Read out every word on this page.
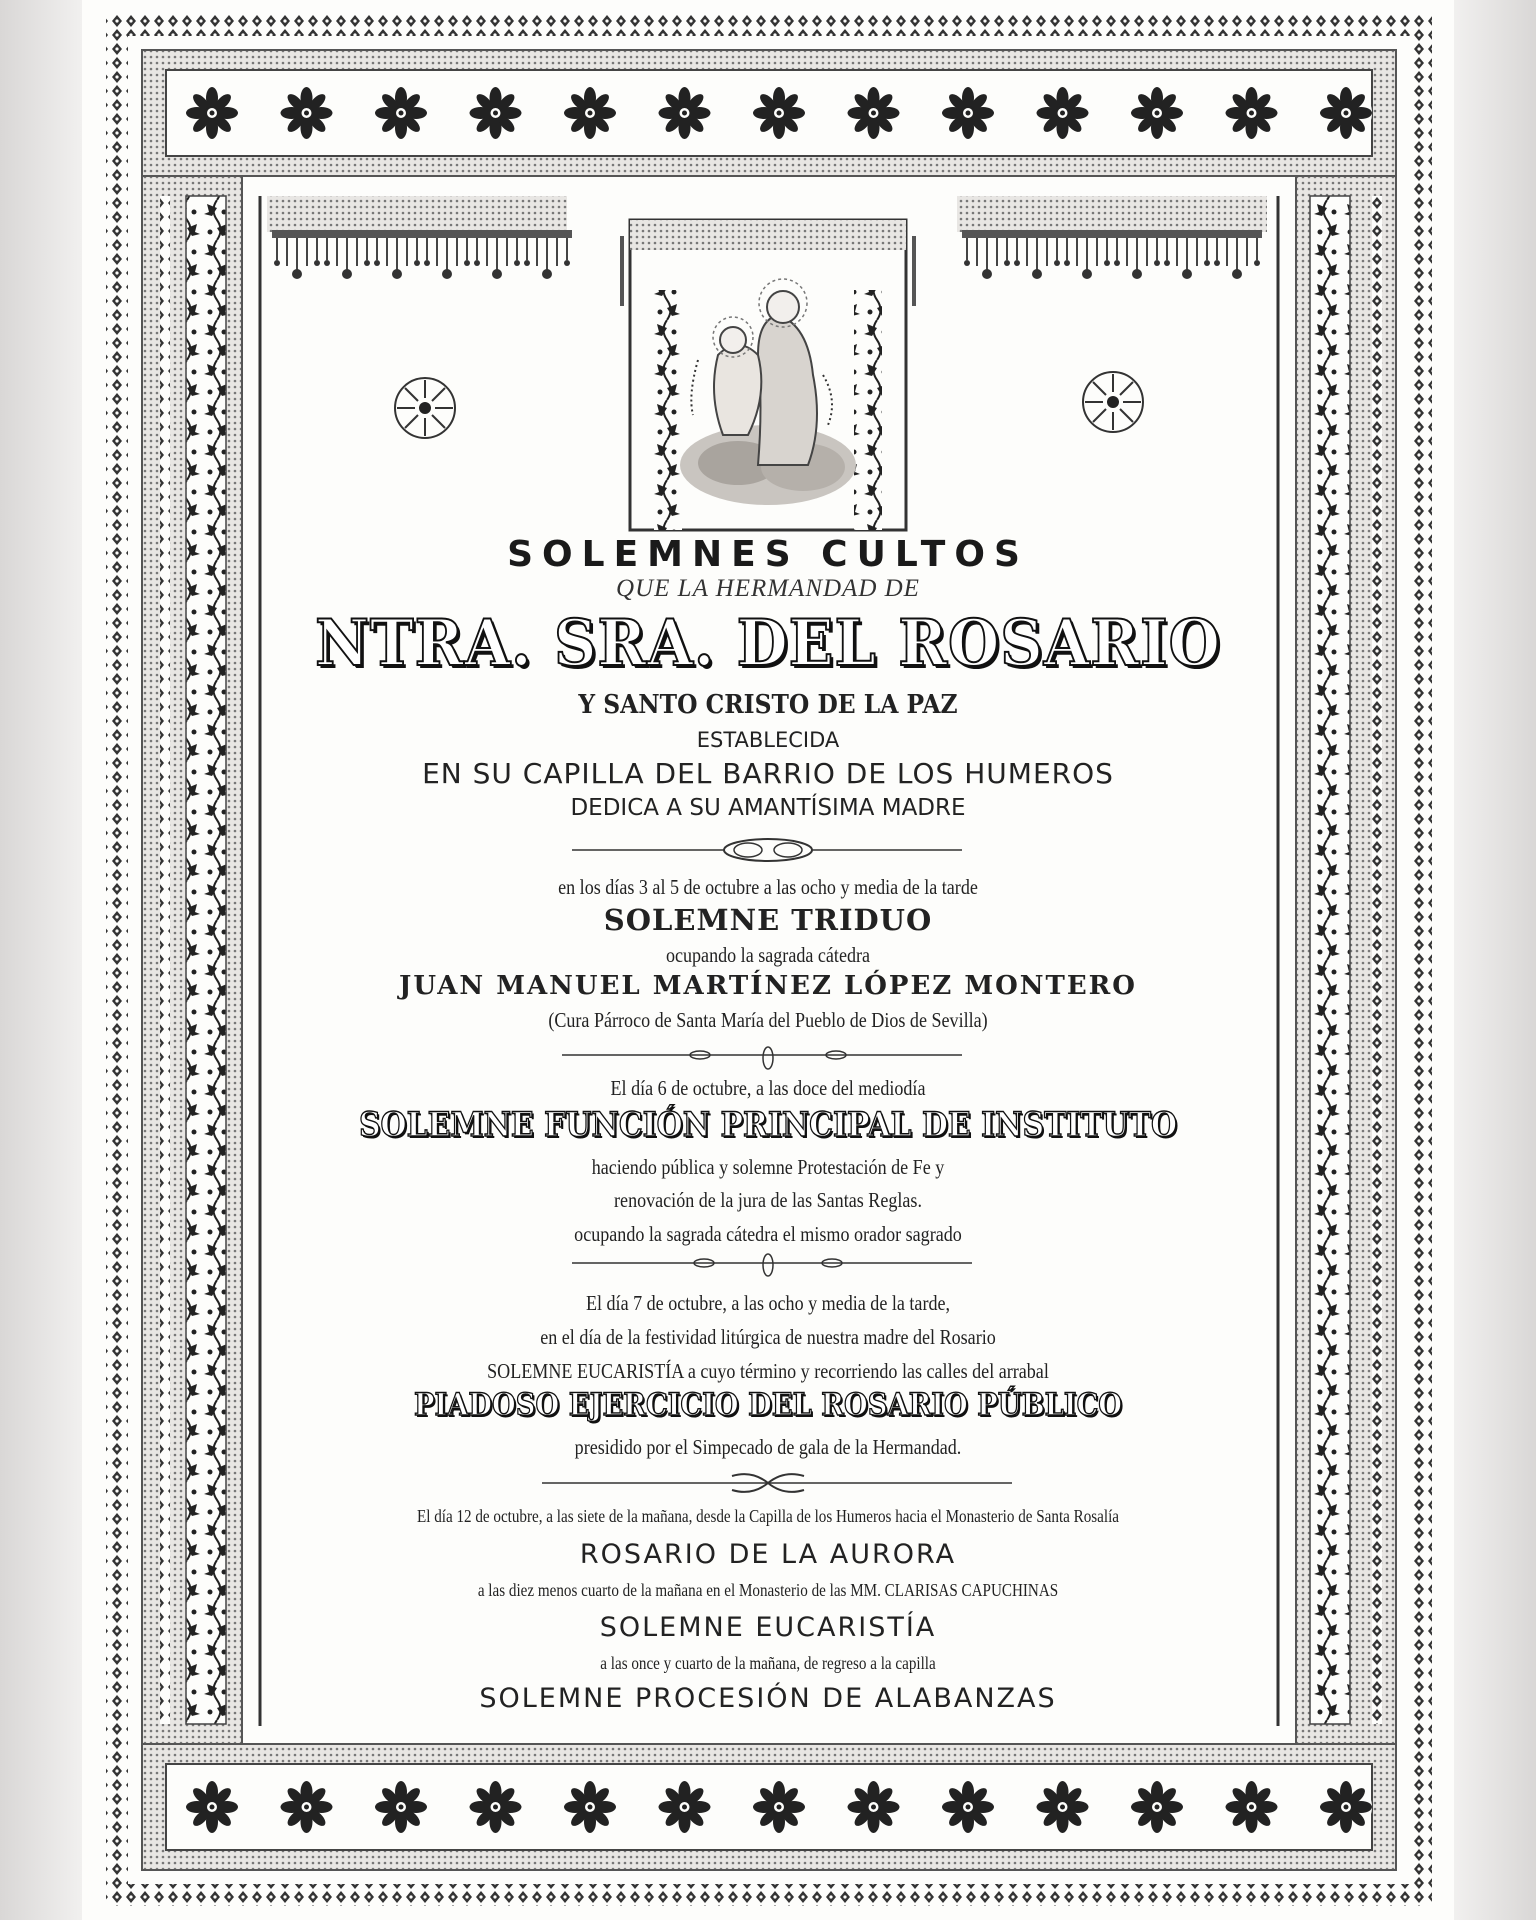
SOLEMNES CULTOS
QUE LA HERMANDAD DE
NTRA. SRA. DEL ROSARIO
Y SANTO CRISTO DE LA PAZ
ESTABLECIDA
EN SU CAPILLA DEL BARRIO DE LOS HUMEROS
DEDICA A SU AMANTÍSIMA MADRE
en los días 3 al 5 de octubre a las ocho y media de la tarde
SOLEMNE TRIDUO
ocupando la sagrada cátedra
JUAN MANUEL MARTÍNEZ LÓPEZ MONTERO
(Cura Párroco de Santa María del Pueblo de Dios de Sevilla)
El día 6 de octubre, a las doce del mediodía
SOLEMNE FUNCIÓN PRINCIPAL DE INSTITUTO
haciendo pública y solemne Protestación de Fe y
renovación de la jura de las Santas Reglas.
ocupando la sagrada cátedra el mismo orador sagrado
El día 7 de octubre, a las ocho y media de la tarde,
en el día de la festividad litúrgica de nuestra madre del Rosario
SOLEMNE EUCARISTÍA a cuyo término y recorriendo las calles del arrabal
PIADOSO EJERCICIO DEL ROSARIO PÚBLICO
presidido por el Simpecado de gala de la Hermandad.
El día 12 de octubre, a las siete de la mañana, desde la Capilla de los Humeros hacia el Monasterio de Santa Rosalía
ROSARIO DE LA AURORA
a las diez menos cuarto de la mañana en el Monasterio de las MM. CLARISAS CAPUCHINAS
SOLEMNE EUCARISTÍA
a las once y cuarto de la mañana, de regreso a la capilla
SOLEMNE PROCESIÓN DE ALABANZAS
